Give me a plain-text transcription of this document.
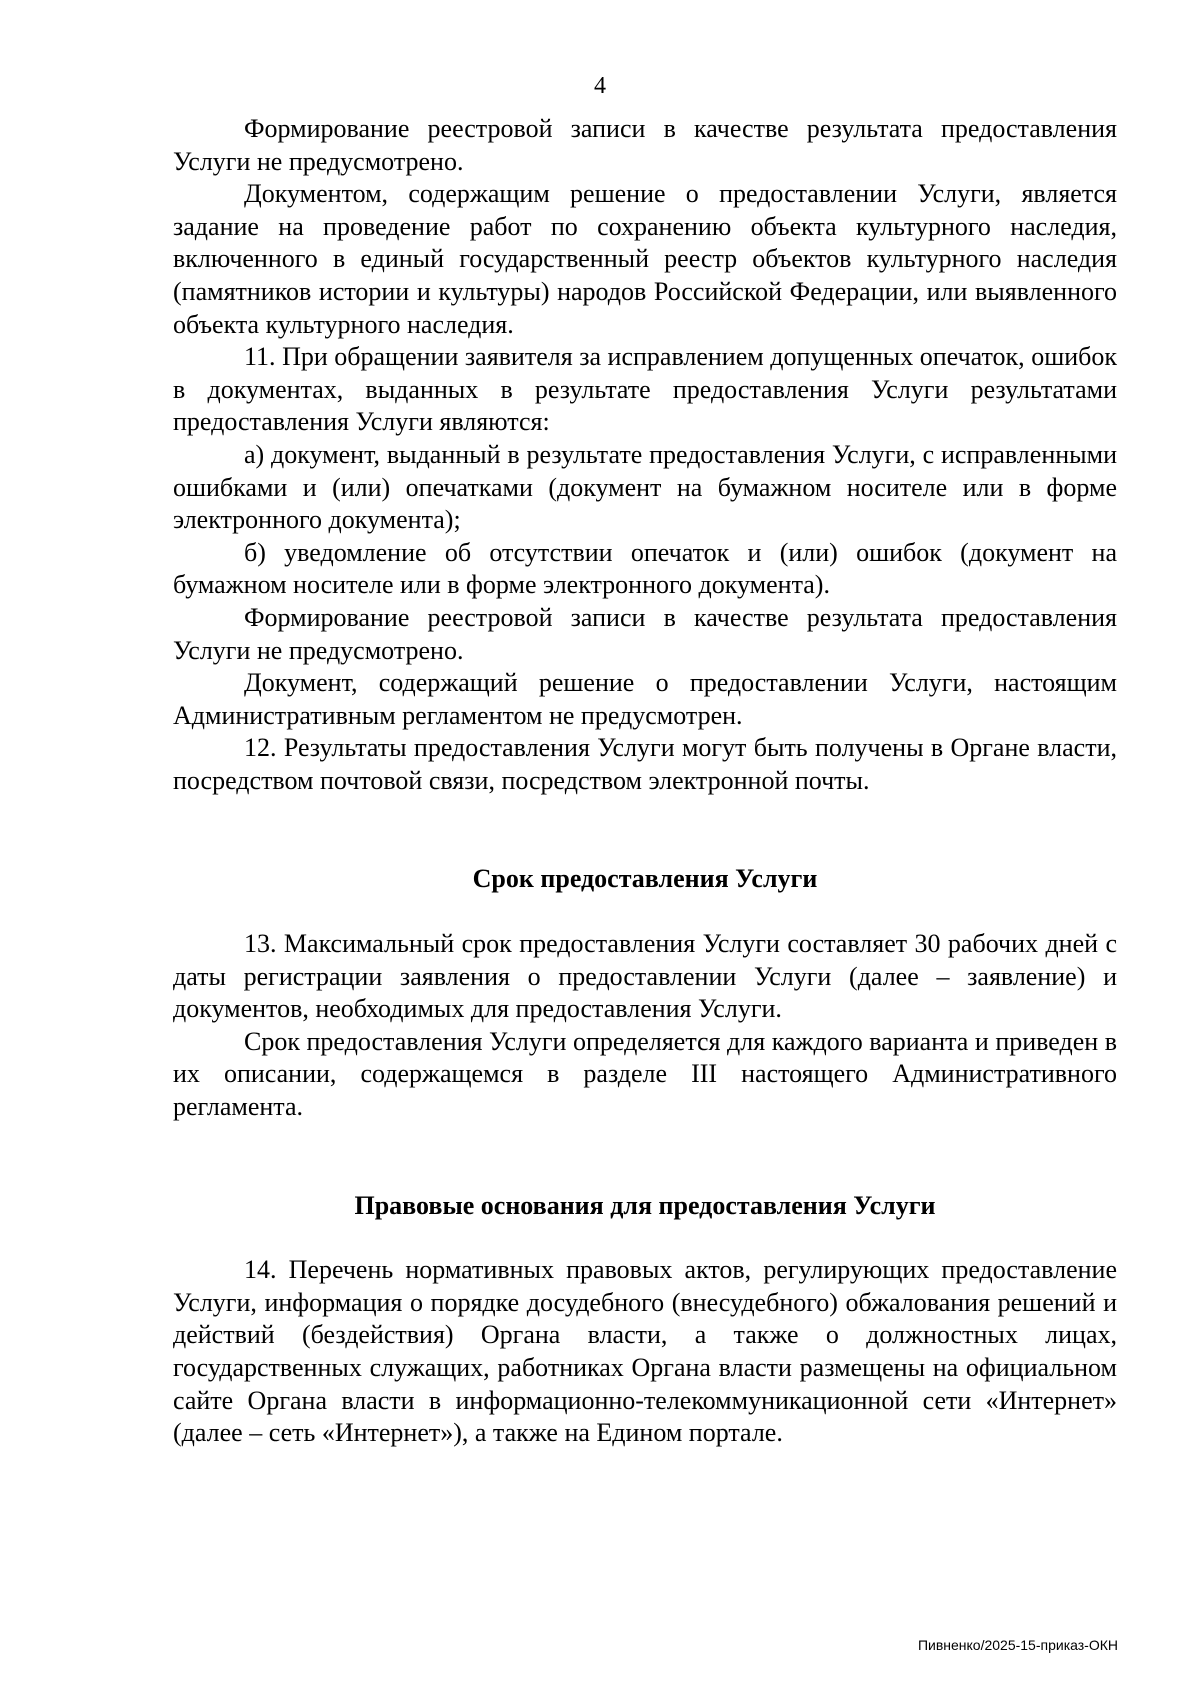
4

Формирование реестровой записи в качестве результата предоставления Услуги не предусмотрено.

Документом, содержащим решение о предоставлении Услуги, является задание на проведение работ по сохранению объекта культурного наследия, включенного в единый государственный реестр объектов культурного наследия (памятников истории и культуры) народов Российской Федерации, или выявленного объекта культурного наследия.

11. При обращении заявителя за исправлением допущенных опечаток, ошибок в документах, выданных в результате предоставления Услуги результатами предоставления Услуги являются:

а) документ, выданный в результате предоставления Услуги, с исправленными ошибками и (или) опечатками (документ на бумажном носителе или в форме электронного документа);

б) уведомление об отсутствии опечаток и (или) ошибок (документ на бумажном носителе или в форме электронного документа).

Формирование реестровой записи в качестве результата предоставления Услуги не предусмотрено.

Документ, содержащий решение о предоставлении Услуги, настоящим Административным регламентом не предусмотрен.

12. Результаты предоставления Услуги могут быть получены в Органе власти, посредством почтовой связи, посредством электронной почты.

Срок предоставления Услуги

13. Максимальный срок предоставления Услуги составляет 30 рабочих дней с даты регистрации заявления о предоставлении Услуги (далее – заявление) и документов, необходимых для предоставления Услуги.

Срок предоставления Услуги определяется для каждого варианта и приведен в их описании, содержащемся в разделе III настоящего Административного регламента.

Правовые основания для предоставления Услуги

14. Перечень нормативных правовых актов, регулирующих предоставление Услуги, информация о порядке досудебного (внесудебного) обжалования решений и действий (бездействия) Органа власти, а также о должностных лицах, государственных служащих, работниках Органа власти размещены на официальном сайте Органа власти в информационно-телекоммуникационной сети «Интернет» (далее – сеть «Интернет»), а также на Едином портале.

Пивненко/2025-15-приказ-ОКН
